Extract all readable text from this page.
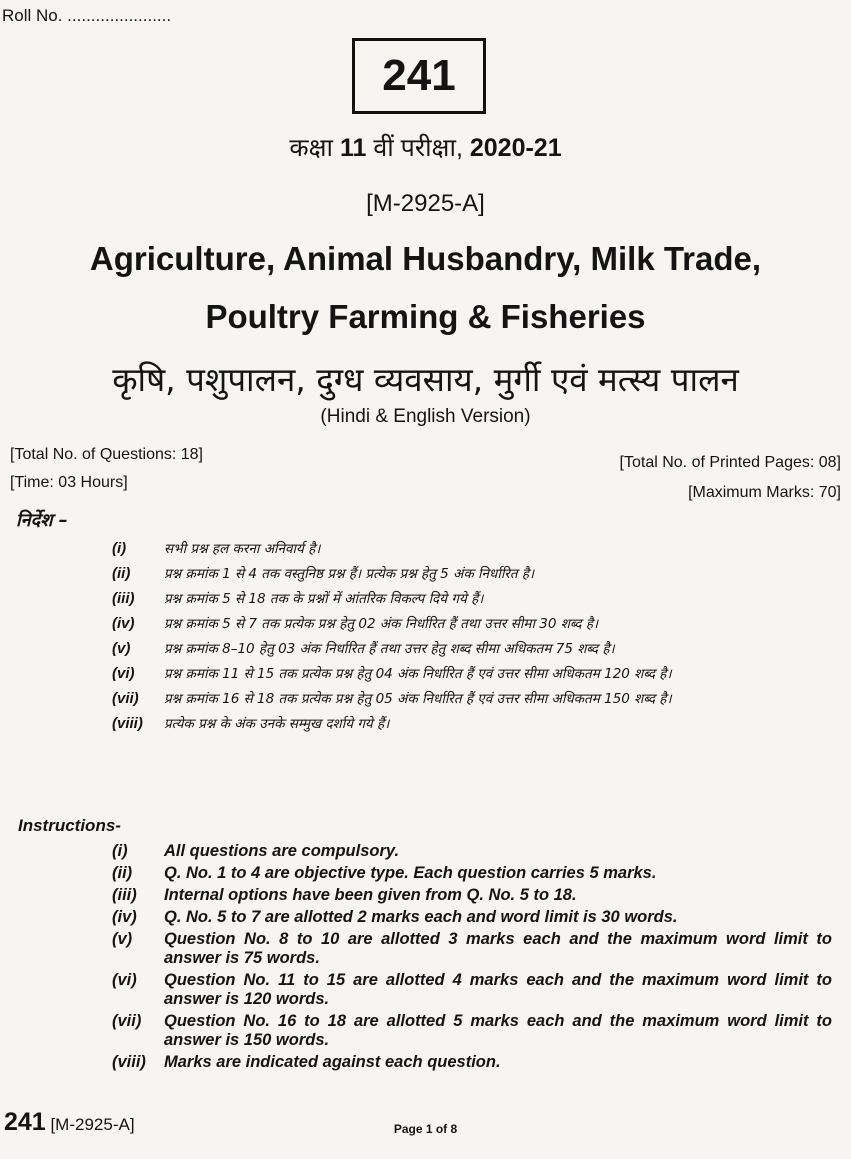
Roll No. ......................
241
कक्षा 11 वीं परीक्षा, 2020-21
[M-2925-A]
Agriculture, Animal Husbandry, Milk Trade,
Poultry Farming & Fisheries
कृषि, पशुपालन, दुग्ध व्यवसाय, मुर्गी एवं मत्स्य पालन
(Hindi & English Version)
[Total No. of Questions: 18]
[Time: 03 Hours]
[Total No. of Printed Pages: 08]
[Maximum Marks: 70]
निर्देश –
(i)	सभी प्रश्न हल करना अनिवार्य है।
(ii)	प्रश्न क्रमांक 1 से 4 तक वस्तुनिष्ठ प्रश्न हैं। प्रत्येक प्रश्न हेतु 5 अंक निर्धारित है।
(iii)	प्रश्न क्रमांक 5 से 18 तक के प्रश्नों में आंतरिक विकल्प दिये गये हैं।
(iv)	प्रश्न क्रमांक 5 से 7 तक प्रत्येक प्रश्न हेतु 02 अंक निर्धारित हैं तथा उत्तर सीमा 30 शब्द है।
(v)	प्रश्न क्रमांक 8–10 हेतु 03 अंक निर्धारित हैं तथा उत्तर हेतु शब्द सीमा अधिकतम 75 शब्द है।
(vi)	प्रश्न क्रमांक 11 से 15 तक प्रत्येक प्रश्न हेतु 04 अंक निर्धारित हैं एवं उत्तर सीमा अधिकतम 120 शब्द है।
(vii)	प्रश्न क्रमांक 16 से 18 तक प्रत्येक प्रश्न हेतु 05 अंक निर्धारित हैं एवं उत्तर सीमा अधिकतम 150 शब्द है।
(viii)	प्रत्येक प्रश्न के अंक उनके सम्मुख दर्शाये गये हैं।
Instructions-
(i)	All questions are compulsory.
(ii)	Q. No. 1 to 4 are objective type. Each question carries 5 marks.
(iii)	Internal options have been given from Q. No. 5 to 18.
(iv)	Q. No. 5 to 7 are allotted 2 marks each and word limit is 30 words.
(v)	Question No. 8 to 10 are allotted 3 marks each and the maximum word limit to answer is 75 words.
(vi)	Question No. 11 to 15 are allotted 4 marks each and the maximum word limit to answer is 120 words.
(vii)	Question No. 16 to 18 are allotted 5 marks each and the maximum word limit to answer is 150 words.
(viii)	Marks are indicated against each question.
241 [M-2925-A]	Page 1 of 8
